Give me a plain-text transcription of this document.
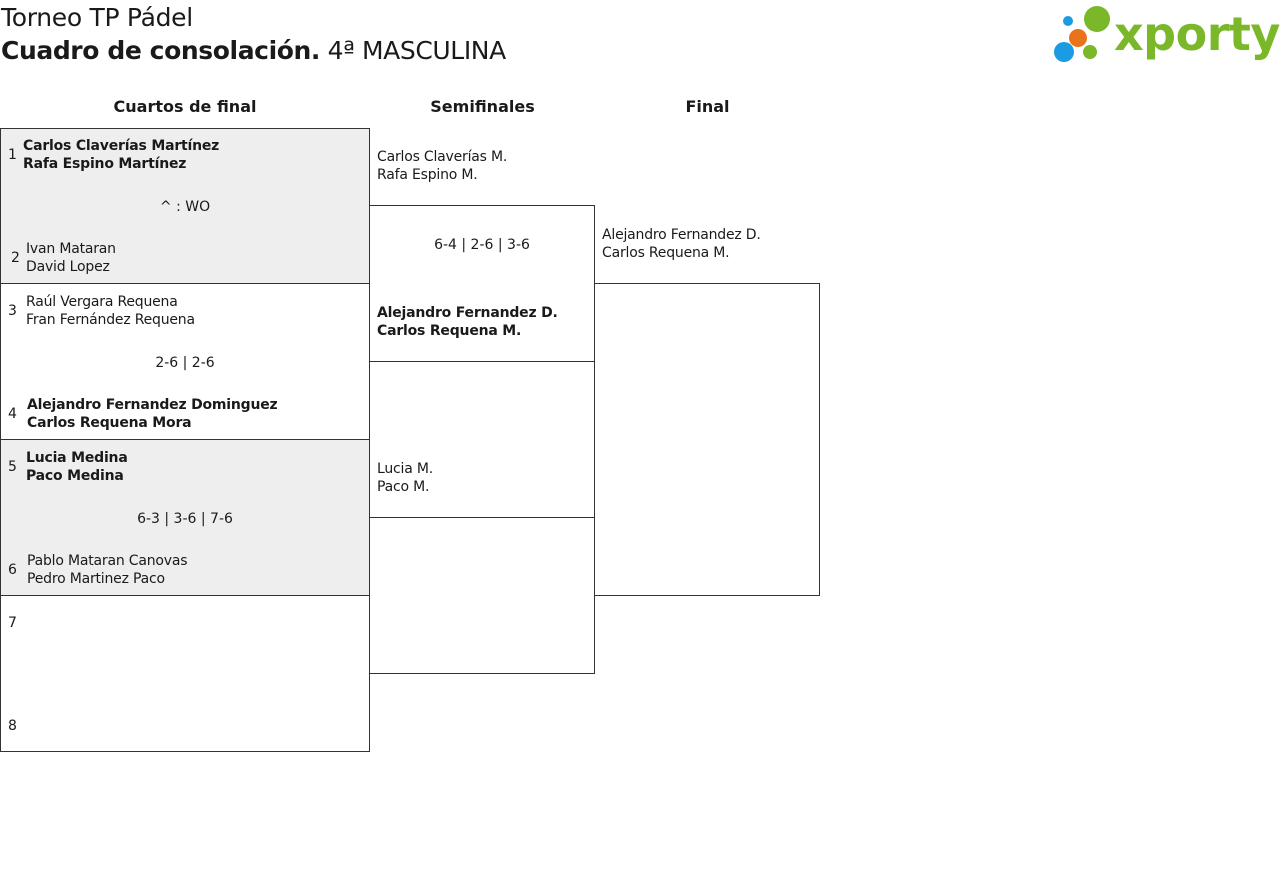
Torneo TP Pádel
Cuadro de consolación. 4ª MASCULINA	xporty
Cuartos de final	Semifinales	Final
1
Carlos Claverías Martínez
Rafa Espino Martínez
^ : WO
2
Ivan Mataran
David Lopez
3
Raúl Vergara Requena
Fran Fernández Requena
2-6 | 2-6
4
Alejandro Fernandez Dominguez
Carlos Requena Mora
5
Lucia Medina
Paco Medina
6-3 | 3-6 | 7-6
6
Pablo Mataran Canovas
Pedro Martinez Paco
7
8
Carlos Claverías M.
Rafa Espino M.
6-4 | 2-6 | 3-6
Alejandro Fernandez D.
Carlos Requena M.
Lucia M.
Paco M.
Alejandro Fernandez D.
Carlos Requena M.
